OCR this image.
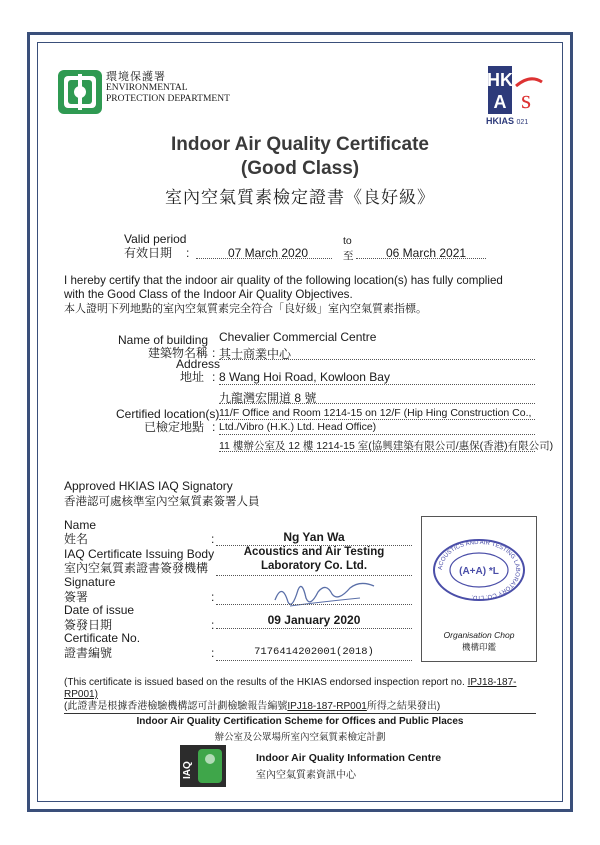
環境保護署
ENVIRONMENTAL
PROTECTION DEPARTMENT
HK
A s
HKIAS 021
Indoor Air Quality Certificate
(Good Class)
室內空氣質素檢定證書《良好級》
Valid period
有效日期 :	07 March 2020
to
至	06 March 2021
I hereby certify that the indoor air quality of the following location(s) has fully complied
with the Good Class of the Indoor Air Quality Objectives.
本人證明下列地點的室內空氣質素完全符合「良好級」室內空氣質素指標。
Name of building
建築物名稱 :
Chevalier Commercial Centre
其士商業中心
Address
地址 : 8 Wang Hoi Road, Kowloon Bay
九龍灣宏開道 8 號
Certified location(s)
已檢定地點 :
11/F Office and Room 1214-15 on 12/F (Hip Hing Construction Co.,
Ltd./Vibro (H.K.) Ltd. Head Office)
11 樓辦公室及 12 樓 1214-15 室(協興建築有限公司/惠保(香港)有限公司)
Approved HKIAS IAQ Signatory
香港認可處核準室內空氣質素簽署人員
Name
姓名	:	Ng Yan Wa
IAQ Certificate Issuing Body
室內空氣質素證書簽發機構
Acoustics and Air Testing
Laboratory Co. Ltd.
Signature
簽署	:
Date of issue
簽發日期	:	09 January 2020
Certificate No.
證書編號	:	7176414202001(2018)
ACOUSTICS AND AIR TESTING LABORATORY CO. LTD.
(A+A) *L
Organisation Chop
機構印鑑
(This certificate is issued based on the results of the HKIAS endorsed inspection report no. IPJ18-187-
RP001)
(此證書是根據香港檢驗機構認可計劃檢驗報告編號IPJ18-187-RP001所得之結果發出)
Indoor Air Quality Certification Scheme for Offices and Public Places
辦公室及公眾場所室內空氣質素檢定計劃
IAQ
Indoor Air Quality Information Centre
室內空氣質素資訊中心
